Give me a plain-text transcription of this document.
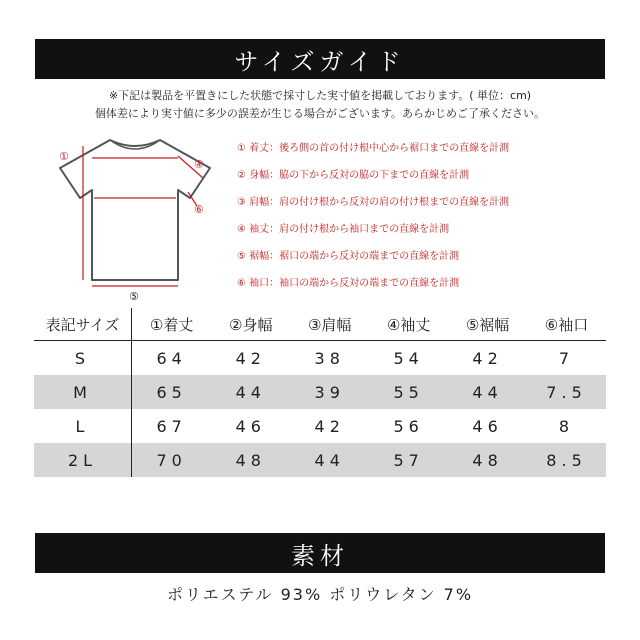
サイズガイド
※下記は製品を平置きにした状態で採寸した実寸値を掲載しております。( 単位：cm)
個体差により実寸値に多少の誤差が生じる場合がございます。あらかじめご了承ください。
①
④
⑥
⑤
① 着丈：後ろ側の首の付け根中心から裾口までの直線を計測
② 身幅：脇の下から反対の脇の下までの直線を計測
③ 肩幅：肩の付け根から反対の肩の付け根までの直線を計測
④ 袖丈：肩の付け根から袖口までの直線を計測
⑤ 裾幅：裾口の端から反対の端までの直線を計測
⑥ 袖口：袖口の端から反対の端までの直線を計測
表記サイズ	①着丈	②身幅	③肩幅	④袖丈	⑤裾幅	⑥袖口
S	64	42	38	54	42	7
M	65	44	39	55	44	7.5
L	67	46	42	56	46	8
2L	70	48	44	57	48	8.5
素材
ポリエステル 93% ポリウレタン 7%
